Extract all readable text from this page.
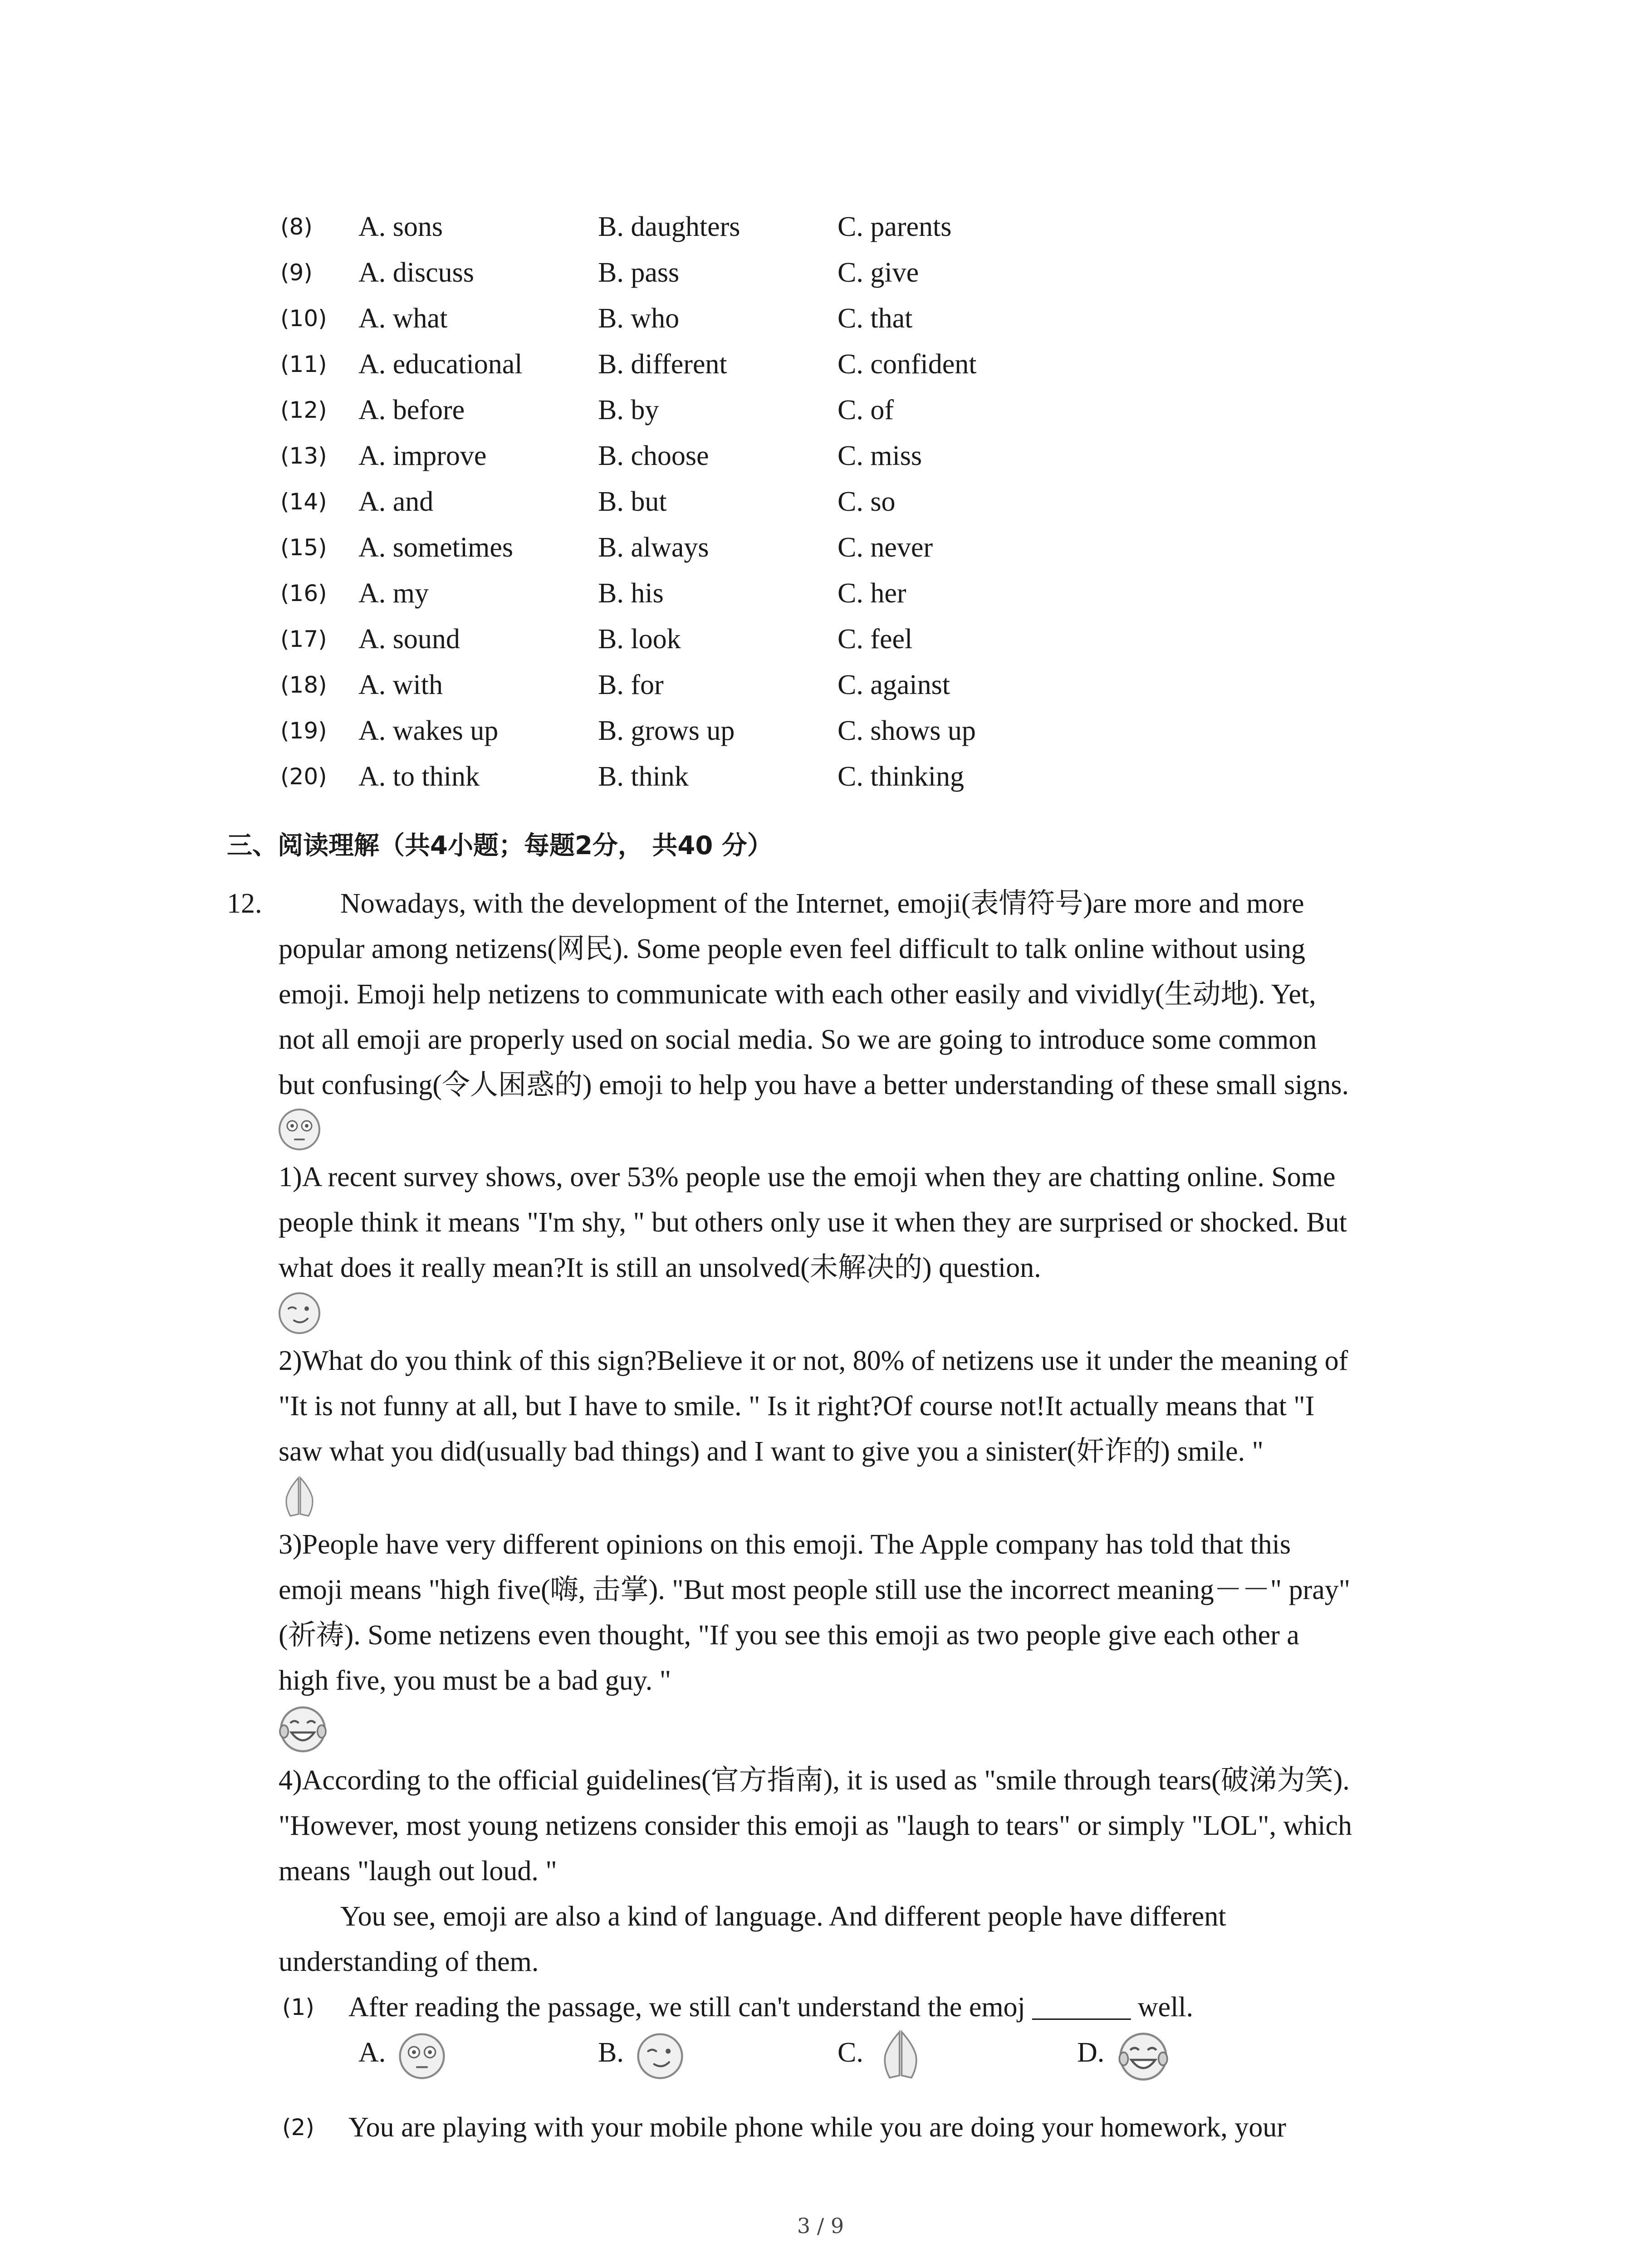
(8) A. sons	B. daughters	C. parents
(9) A. discuss	B. pass	C. give
(10) A. what	B. who	C. that
(11) A. educational	B. different	C. confident
(12) A. before	B. by	C. of
(13) A. improve	B. choose	C. miss
(14) A. and	B. but	C. so
(15) A. sometimes	B. always	C. never
(16) A. my	B. his	C. her
(17) A. sound	B. look	C. feel
(18) A. with	B. for	C. against
(19) A. wakes up	B. grows up	C. shows up
(20) A. to think	B. think	C. thinking
三、阅读理解（共4小题；每题2分， 共40 分）
12.	Nowadays, with the development of the Internet, emoji(表情符号)are more and more
popular among netizens(网民). Some people even feel difficult to talk online without using
emoji. Emoji help netizens to communicate with each other easily and vividly(生动地). Yet,
not all emoji are properly used on social media. So we are going to introduce some common
but confusing(令人困惑的) emoji to help you have a better understanding of these small signs.
1)A recent survey shows, over 53% people use the emoji when they are chatting online. Some
people think it means "I'm shy, " but others only use it when they are surprised or shocked. But
what does it really mean?It is still an unsolved(未解决的) question.
2)What do you think of this sign?Believe it or not, 80% of netizens use it under the meaning of
"It is not funny at all, but I have to smile. " Is it right?Of course not!It actually means that "I
saw what you did(usually bad things) and I want to give you a sinister(奸诈的) smile. "
3)People have very different opinions on this emoji. The Apple company has told that this
emoji means "high five(嗨, 击掌). "But most people still use the incorrect meaning－－" pray"
(祈祷). Some netizens even thought, "If you see this emoji as two people give each other a
high five, you must be a bad guy. "
4)According to the official guidelines(官方指南), it is used as "smile through tears(破涕为笑).
"However, most young netizens consider this emoji as "laugh to tears" or simply "LOL", which
means "laugh out loud. "
You see, emoji are also a kind of language. And different people have different
understanding of them.
(1) After reading the passage, we still can't understand the emoj _______ well.
A.	B.	C.	D.
(2) You are playing with your mobile phone while you are doing your homework, your
3 / 9
